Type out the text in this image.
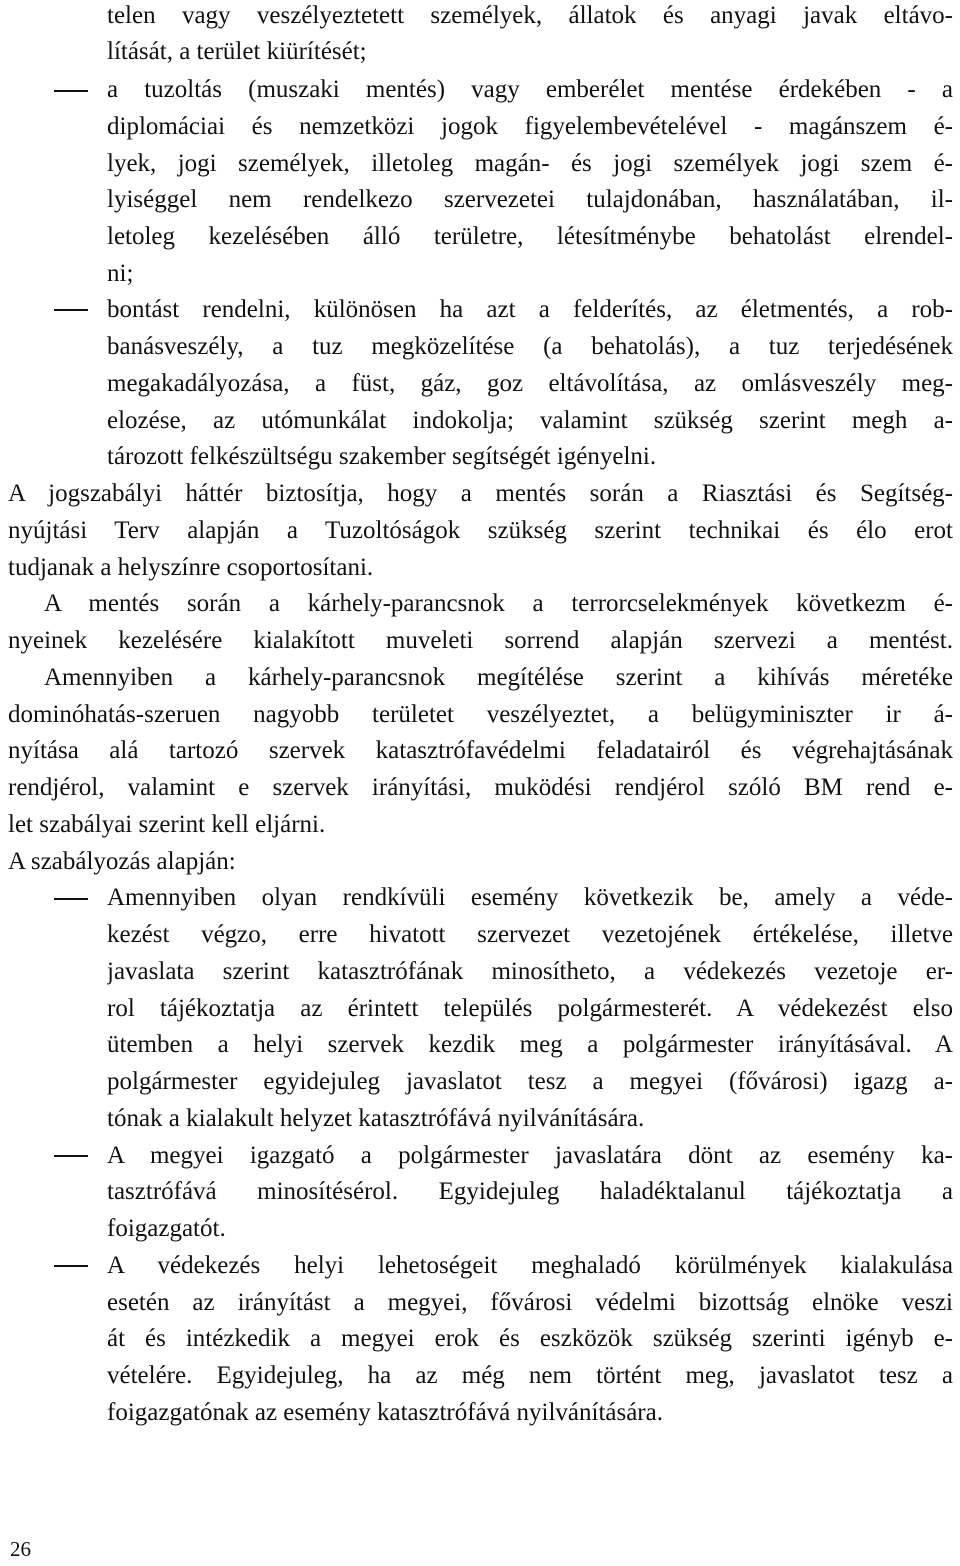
telen vagy veszélyeztetett személyek, állatok és anyagi javak eltávo-
lítását, a terület kiürítését;
a tuzoltás (muszaki mentés) vagy emberélet mentése érdekében - a
diplomáciai és nemzetközi jogok figyelembevételével - magánszem é-
lyek, jogi személyek, illetoleg magán- és jogi személyek jogi szem é-
lyiséggel nem rendelkezo szervezetei tulajdonában, használatában, il-
letoleg kezelésében álló területre, létesítménybe behatolást elrendel-
ni;
bontást rendelni, különösen ha azt a felderítés, az életmentés, a rob-
banásveszély, a tuz megközelítése (a behatolás), a tuz terjedésének
megakadályozása, a füst, gáz, goz eltávolítása, az omlásveszély meg-
elozése, az utómunkálat indokolja; valamint szükség szerint megh a-
tározott felkészültségu szakember segítségét igényelni.
A jogszabályi háttér biztosítja, hogy a mentés során a Riasztási és Segítség-
nyújtási Terv alapján a Tuzoltóságok szükség szerint technikai és élo erot
tudjanak a helyszínre csoportosítani.
A mentés során a kárhely-parancsnok a terrorcselekmények következm é-
nyeinek kezelésére kialakított muveleti sorrend alapján szervezi a mentést.
Amennyiben a kárhely-parancsnok megítélése szerint a kihívás méretéke
dominóhatás-szeruen nagyobb területet veszélyeztet, a belügyminiszter ir á-
nyítása alá tartozó szervek katasztrófavédelmi feladatairól és végrehajtásának
rendjérol, valamint e szervek irányítási, muködési rendjérol szóló BM rend e-
let szabályai szerint kell eljárni.
A szabályozás alapján:
Amennyiben olyan rendkívüli esemény következik be, amely a véde-
kezést végzo, erre hivatott szervezet vezetojének értékelése, illetve
javaslata szerint katasztrófának minosítheto, a védekezés vezetoje er-
rol tájékoztatja az érintett település polgármesterét. A védekezést elso
ütemben a helyi szervek kezdik meg a polgármester irányításával. A
polgármester egyidejuleg javaslatot tesz a megyei (fővárosi) igazg a-
tónak a kialakult helyzet katasztrófává nyilvánítására.
A megyei igazgató a polgármester javaslatára dönt az esemény ka-
tasztrófává minosítésérol. Egyidejuleg haladéktalanul tájékoztatja a
foigazgatót.
A védekezés helyi lehetoségeit meghaladó körülmények kialakulása
esetén az irányítást a megyei, fővárosi védelmi bizottság elnöke veszi
át és intézkedik a megyei erok és eszközök szükség szerinti igényb e-
vételére. Egyidejuleg, ha az még nem történt meg, javaslatot tesz a
foigazgatónak az esemény katasztrófává nyilvánítására.
26
